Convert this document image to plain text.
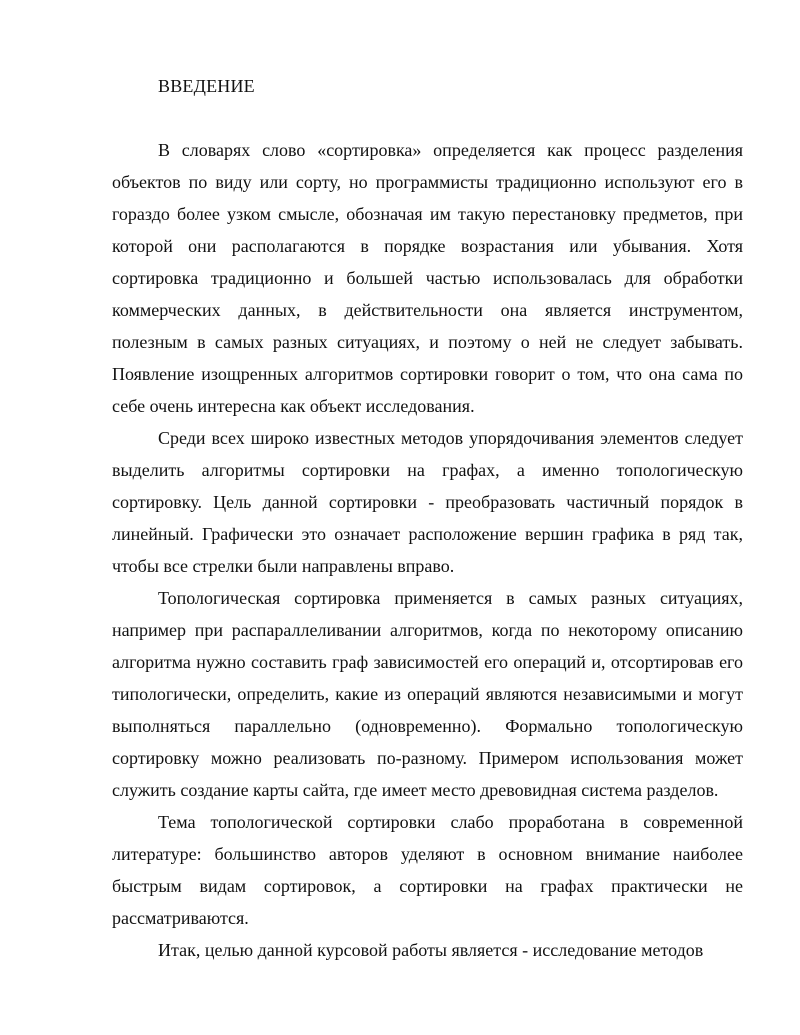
ВВЕДЕНИЕ

В словарях слово «сортировка» определяется как процесс разделения объектов по виду или сорту, но программисты традиционно используют его в гораздо более узком смысле, обозначая им такую перестановку предметов, при которой они располагаются в порядке возрастания или убывания. Хотя сортировка традиционно и большей частью использовалась для обработки коммерческих данных, в действительности она является инструментом, полезным в самых разных ситуациях, и поэтому о ней не следует забывать. Появление изощренных алгоритмов сортировки говорит о том, что она сама по себе очень интересна как объект исследования.

Среди всех широко известных методов упорядочивания элементов следует выделить алгоритмы сортировки на графах, а именно топологическую сортировку. Цель данной сортировки - преобразовать частичный порядок в линейный. Графически это означает расположение вершин графика в ряд так, чтобы все стрелки были направлены вправо.

Топологическая сортировка применяется в самых разных ситуациях, например при распараллеливании алгоритмов, когда по некоторому описанию алгоритма нужно составить граф зависимостей его операций и, отсортировав его типологически, определить, какие из операций являются независимыми и могут выполняться параллельно (одновременно). Формально топологическую сортировку можно реализовать по-разному. Примером использования может служить создание карты сайта, где имеет место древовидная система разделов.

Тема топологической сортировки слабо проработана в современной литературе: большинство авторов уделяют в основном внимание наиболее быстрым видам сортировок, а сортировки на графах практически не рассматриваются.

Итак, целью данной курсовой работы является - исследование методов
